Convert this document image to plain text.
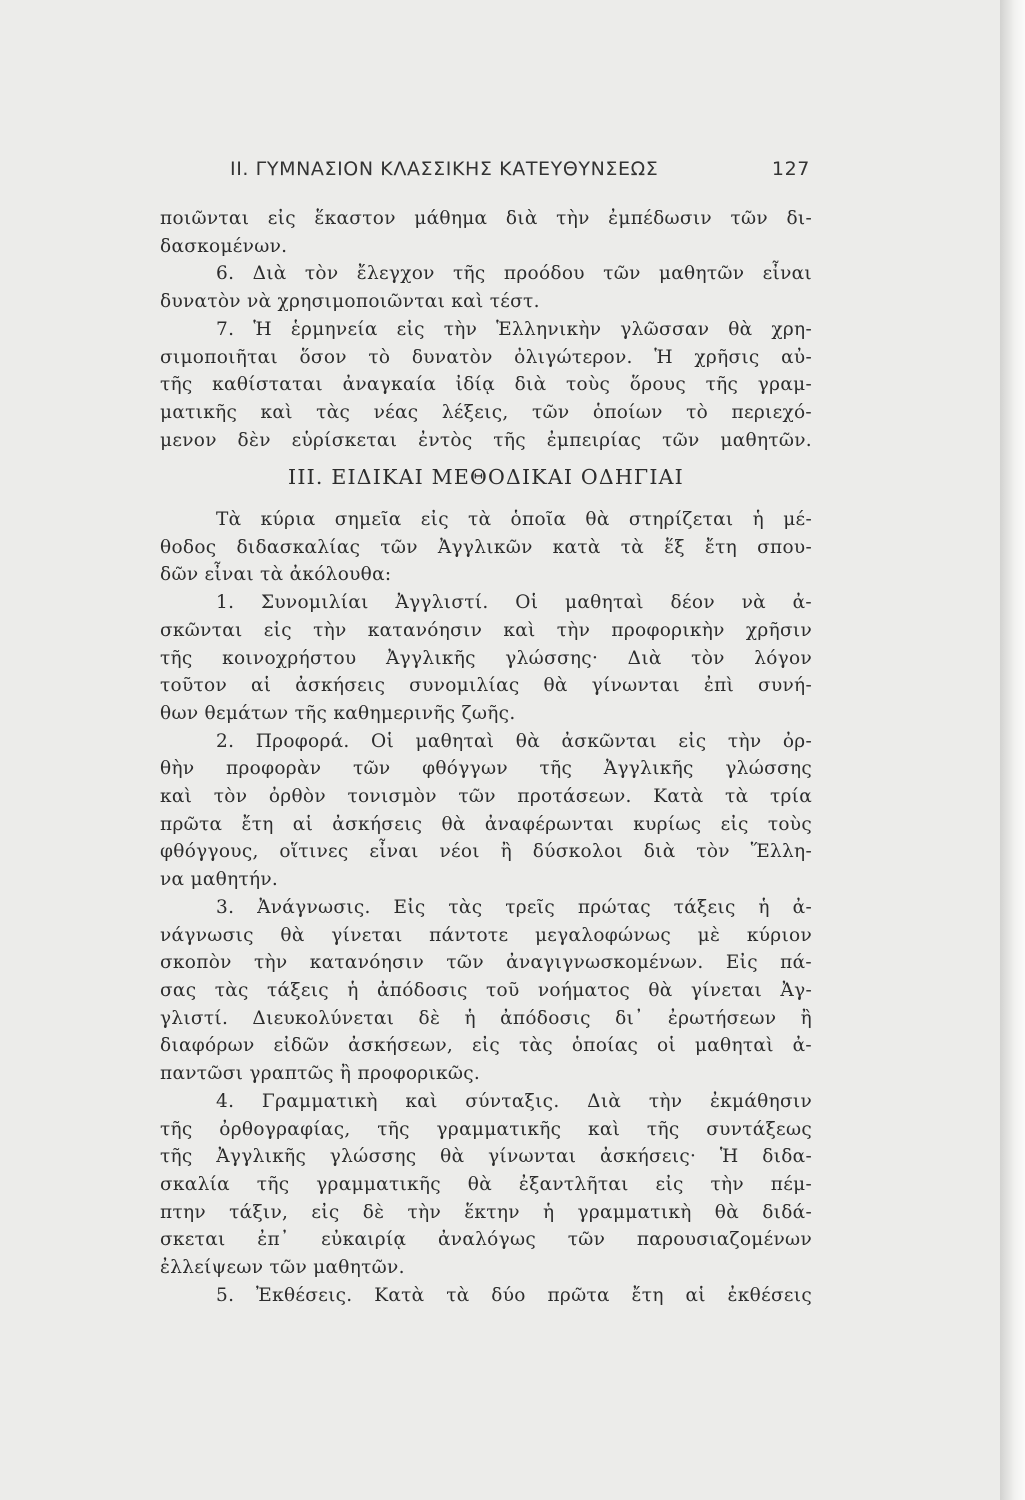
II. ΓΥΜΝΑΣΙΟΝ ΚΛΑΣΣΙΚΗΣ ΚΑΤΕΥΘΥΝΣΕΩΣ	127
ποιῶνται εἰς ἕκαστον μάθημα διὰ τὴν ἐμπέδωσιν τῶν δι-
δασκομένων.
6. Διὰ τὸν ἔλεγχον τῆς προόδου τῶν μαθητῶν εἶναι
δυνατὸν νὰ χρησιμοποιῶνται καὶ τέστ.
7. Ἡ ἑρμηνεία εἰς τὴν Ἑλληνικὴν γλῶσσαν θὰ χρη-
σιμοποιῆται ὅσον τὸ δυνατὸν ὀλιγώτερον. Ἡ χρῆσις αὐ-
τῆς καθίσταται ἀναγκαία ἰδίᾳ διὰ τοὺς ὅρους τῆς γραμ-
ματικῆς καὶ τὰς νέας λέξεις, τῶν ὁποίων τὸ περιεχό-
μενον δὲν εὑρίσκεται ἐντὸς τῆς ἐμπειρίας τῶν μαθητῶν.
III. ΕΙΔΙΚΑΙ ΜΕΘΟΔΙΚΑΙ ΟΔΗΓΙΑΙ
Τὰ κύρια σημεῖα εἰς τὰ ὁποῖα θὰ στηρίζεται ἡ μέ-
θοδος διδασκαλίας τῶν Ἀγγλικῶν κατὰ τὰ ἕξ ἔτη σπου-
δῶν εἶναι τὰ ἀκόλουθα:
1. Συνομιλίαι Ἀγγλιστί. Οἱ μαθηταὶ δέον νὰ ἀ-
σκῶνται εἰς τὴν κατανόησιν καὶ τὴν προφορικὴν χρῆσιν
τῆς κοινοχρήστου Ἀγγλικῆς γλώσσης· Διὰ τὸν λόγον
τοῦτον αἱ ἀσκήσεις συνομιλίας θὰ γίνωνται ἐπὶ συνή-
θων θεμάτων τῆς καθημερινῆς ζωῆς.
2. Προφορά. Οἱ μαθηταὶ θὰ ἀσκῶνται εἰς τὴν ὀρ-
θὴν προφορὰν τῶν φθόγγων τῆς Ἀγγλικῆς γλώσσης
καὶ τὸν ὀρθὸν τονισμὸν τῶν προτάσεων. Κατὰ τὰ τρία
πρῶτα ἔτη αἱ ἀσκήσεις θὰ ἀναφέρωνται κυρίως εἰς τοὺς
φθόγγους, οἵτινες εἶναι νέοι ἢ δύσκολοι διὰ τὸν Ἕλλη-
να μαθητήν.
3. Ἀνάγνωσις. Εἰς τὰς τρεῖς πρώτας τάξεις ἡ ἀ-
νάγνωσις θὰ γίνεται πάντοτε μεγαλοφώνως μὲ κύριον
σκοπὸν τὴν κατανόησιν τῶν ἀναγιγνωσκομένων. Εἰς πά-
σας τὰς τάξεις ἡ ἀπόδοσις τοῦ νοήματος θὰ γίνεται Ἀγ-
γλιστί. Διευκολύνεται δὲ ἡ ἀπόδοσις δι᾽ ἐρωτήσεων ἢ
διαφόρων εἰδῶν ἀσκήσεων, εἰς τὰς ὁποίας οἱ μαθηταὶ ἀ-
παντῶσι γραπτῶς ἢ προφορικῶς.
4. Γραμματικὴ καὶ σύνταξις. Διὰ τὴν ἐκμάθησιν
τῆς ὀρθογραφίας, τῆς γραμματικῆς καὶ τῆς συντάξεως
τῆς Ἀγγλικῆς γλώσσης θὰ γίνωνται ἀσκήσεις· Ἡ διδα-
σκαλία τῆς γραμματικῆς θὰ ἐξαντλῆται εἰς τὴν πέμ-
πτην τάξιν, εἰς δὲ τὴν ἕκτην ἡ γραμματικὴ θὰ διδά-
σκεται ἐπ᾽ εὐκαιρίᾳ ἀναλόγως τῶν παρουσιαζομένων
ἐλλείψεων τῶν μαθητῶν.
5. Ἐκθέσεις. Κατὰ τὰ δύο πρῶτα ἔτη αἱ ἐκθέσεις
